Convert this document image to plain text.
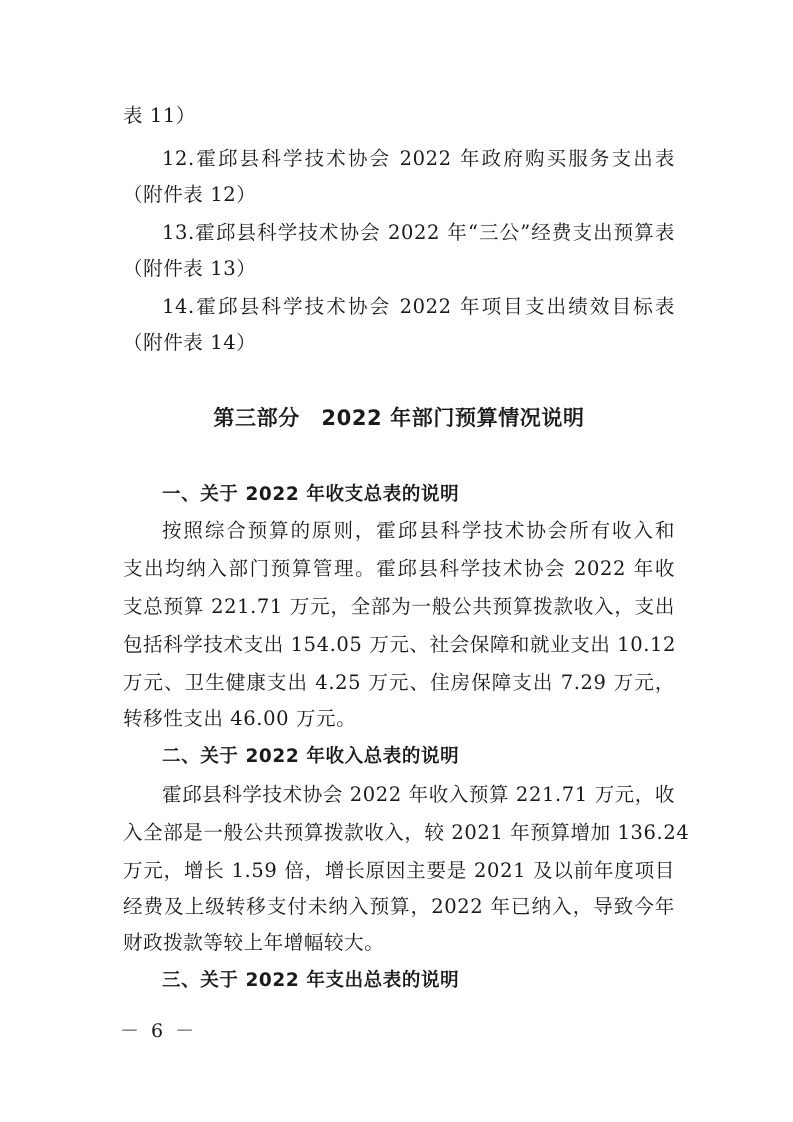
表 11）
12.霍邱县科学技术协会 2022 年政府购买服务支出表
（附件表 12）
13.霍邱县科学技术协会 2022 年“三公”经费支出预算表
（附件表 13）
14.霍邱县科学技术协会 2022 年项目支出绩效目标表
（附件表 14）
第三部分　2022 年部门预算情况说明
一、关于 2022 年收支总表的说明
按照综合预算的原则，霍邱县科学技术协会所有收入和
支出均纳入部门预算管理。霍邱县科学技术协会 2022 年收
支总预算 221.71 万元，全部为一般公共预算拨款收入，支出
包括科学技术支出 154.05 万元、社会保障和就业支出 10.12
万元、卫生健康支出 4.25 万元、住房保障支出 7.29 万元，
转移性支出 46.00 万元。
二、关于 2022 年收入总表的说明
霍邱县科学技术协会 2022 年收入预算 221.71 万元，收
入全部是一般公共预算拨款收入，较 2021 年预算增加 136.24
万元，增长 1.59 倍，增长原因主要是 2021 及以前年度项目
经费及上级转移支付未纳入预算，2022 年已纳入，导致今年
财政拨款等较上年增幅较大。
三、关于 2022 年支出总表的说明
－ 6 －
